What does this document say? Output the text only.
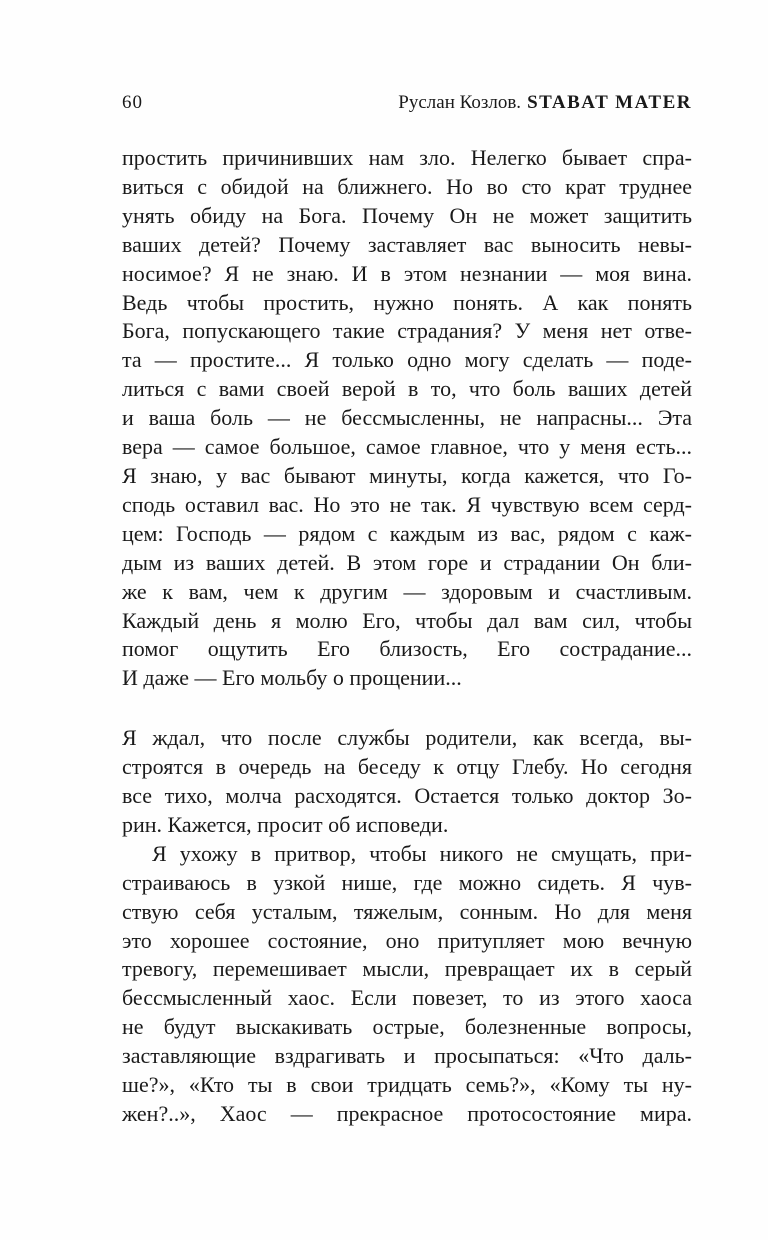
60	Руслан Козлов. STABAT MATER
простить причинивших нам зло. Нелегко бывает спра-
виться с обидой на ближнего. Но во сто крат труднее
унять обиду на Бога. Почему Он не может защитить
ваших детей? Почему заставляет вас выносить невы-
носимое? Я не знаю. И в этом незнании — моя вина.
Ведь чтобы простить, нужно понять. А как понять
Бога, попускающего такие страдания? У меня нет отве-
та — простите... Я только одно могу сделать — поде-
литься с вами своей верой в то, что боль ваших детей
и ваша боль — не бессмысленны, не напрасны... Эта
вера — самое большое, самое главное, что у меня есть...
Я знаю, у вас бывают минуты, когда кажется, что Го-
сподь оставил вас. Но это не так. Я чувствую всем серд-
цем: Господь — рядом с каждым из вас, рядом с каж-
дым из ваших детей. В этом горе и страдании Он бли-
же к вам, чем к другим — здоровым и счастливым.
Каждый день я молю Его, чтобы дал вам сил, чтобы
помог ощутить Его близость, Его сострадание...
И даже — Его мольбу о прощении...
Я ждал, что после службы родители, как всегда, вы-
строятся в очередь на беседу к отцу Глебу. Но сегодня
все тихо, молча расходятся. Остается только доктор Зо-
рин. Кажется, просит об исповеди.
Я ухожу в притвор, чтобы никого не смущать, при-
страиваюсь в узкой нише, где можно сидеть. Я чув-
ствую себя усталым, тяжелым, сонным. Но для меня
это хорошее состояние, оно притупляет мою вечную
тревогу, перемешивает мысли, превращает их в серый
бессмысленный хаос. Если повезет, то из этого хаоса
не будут выскакивать острые, болезненные вопросы,
заставляющие вздрагивать и просыпаться: «Что даль-
ше?», «Кто ты в свои тридцать семь?», «Кому ты ну-
жен?..», Хаос — прекрасное протосостояние мира.
